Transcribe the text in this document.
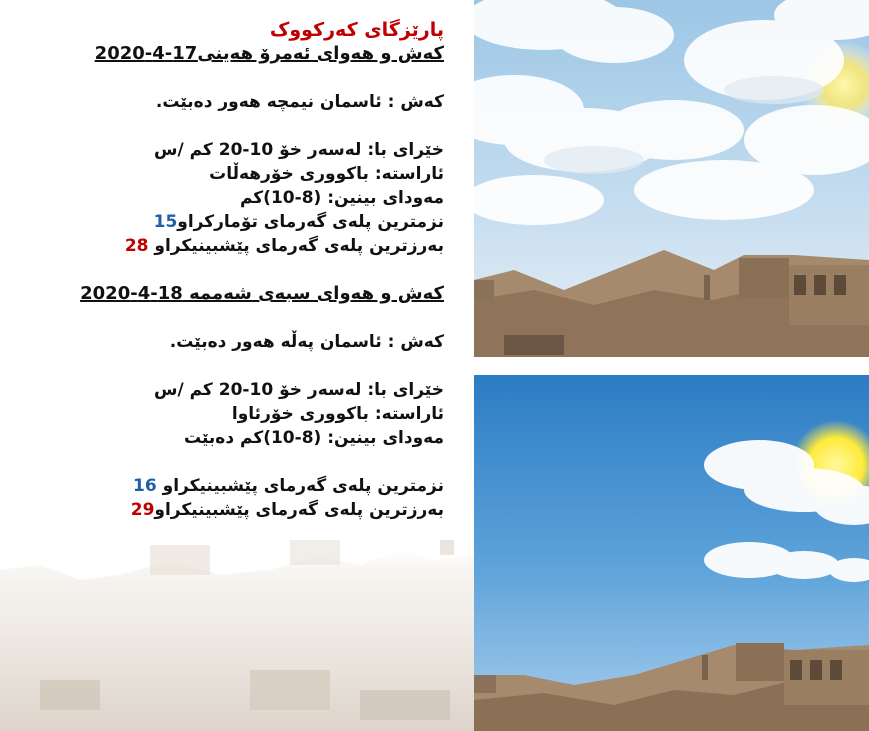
پارێزگای کەرکووک
کەش و هەوای ئەمرۆ هەینی17-4-2020
کەش : ئاسمان نیمچە هەور دەبێت.
خێرای با: لەسەر خۆ 10-20 کم /س
ئاراستە: باکووری خۆرهەڵات
مەودای بینین: (8-10)کم
نزمترین پلەی گەرمای تۆمارکراو15
بەرزترین پلەی گەرمای پێشبینیکراو 28
کەش و هەوای سبەی شەممە 18-4-2020
کەش : ئاسمان پەڵە هەور دەبێت.
خێرای با: لەسەر خۆ 10-20 کم /س
ئاراستە: باکووری خۆرئاوا
مەودای بینین: (8-10)کم دەبێت
نزمترین پلەی گەرمای پێشبینیکراو 16
بەرزترین پلەی گەرمای پێشبینیکراو29
